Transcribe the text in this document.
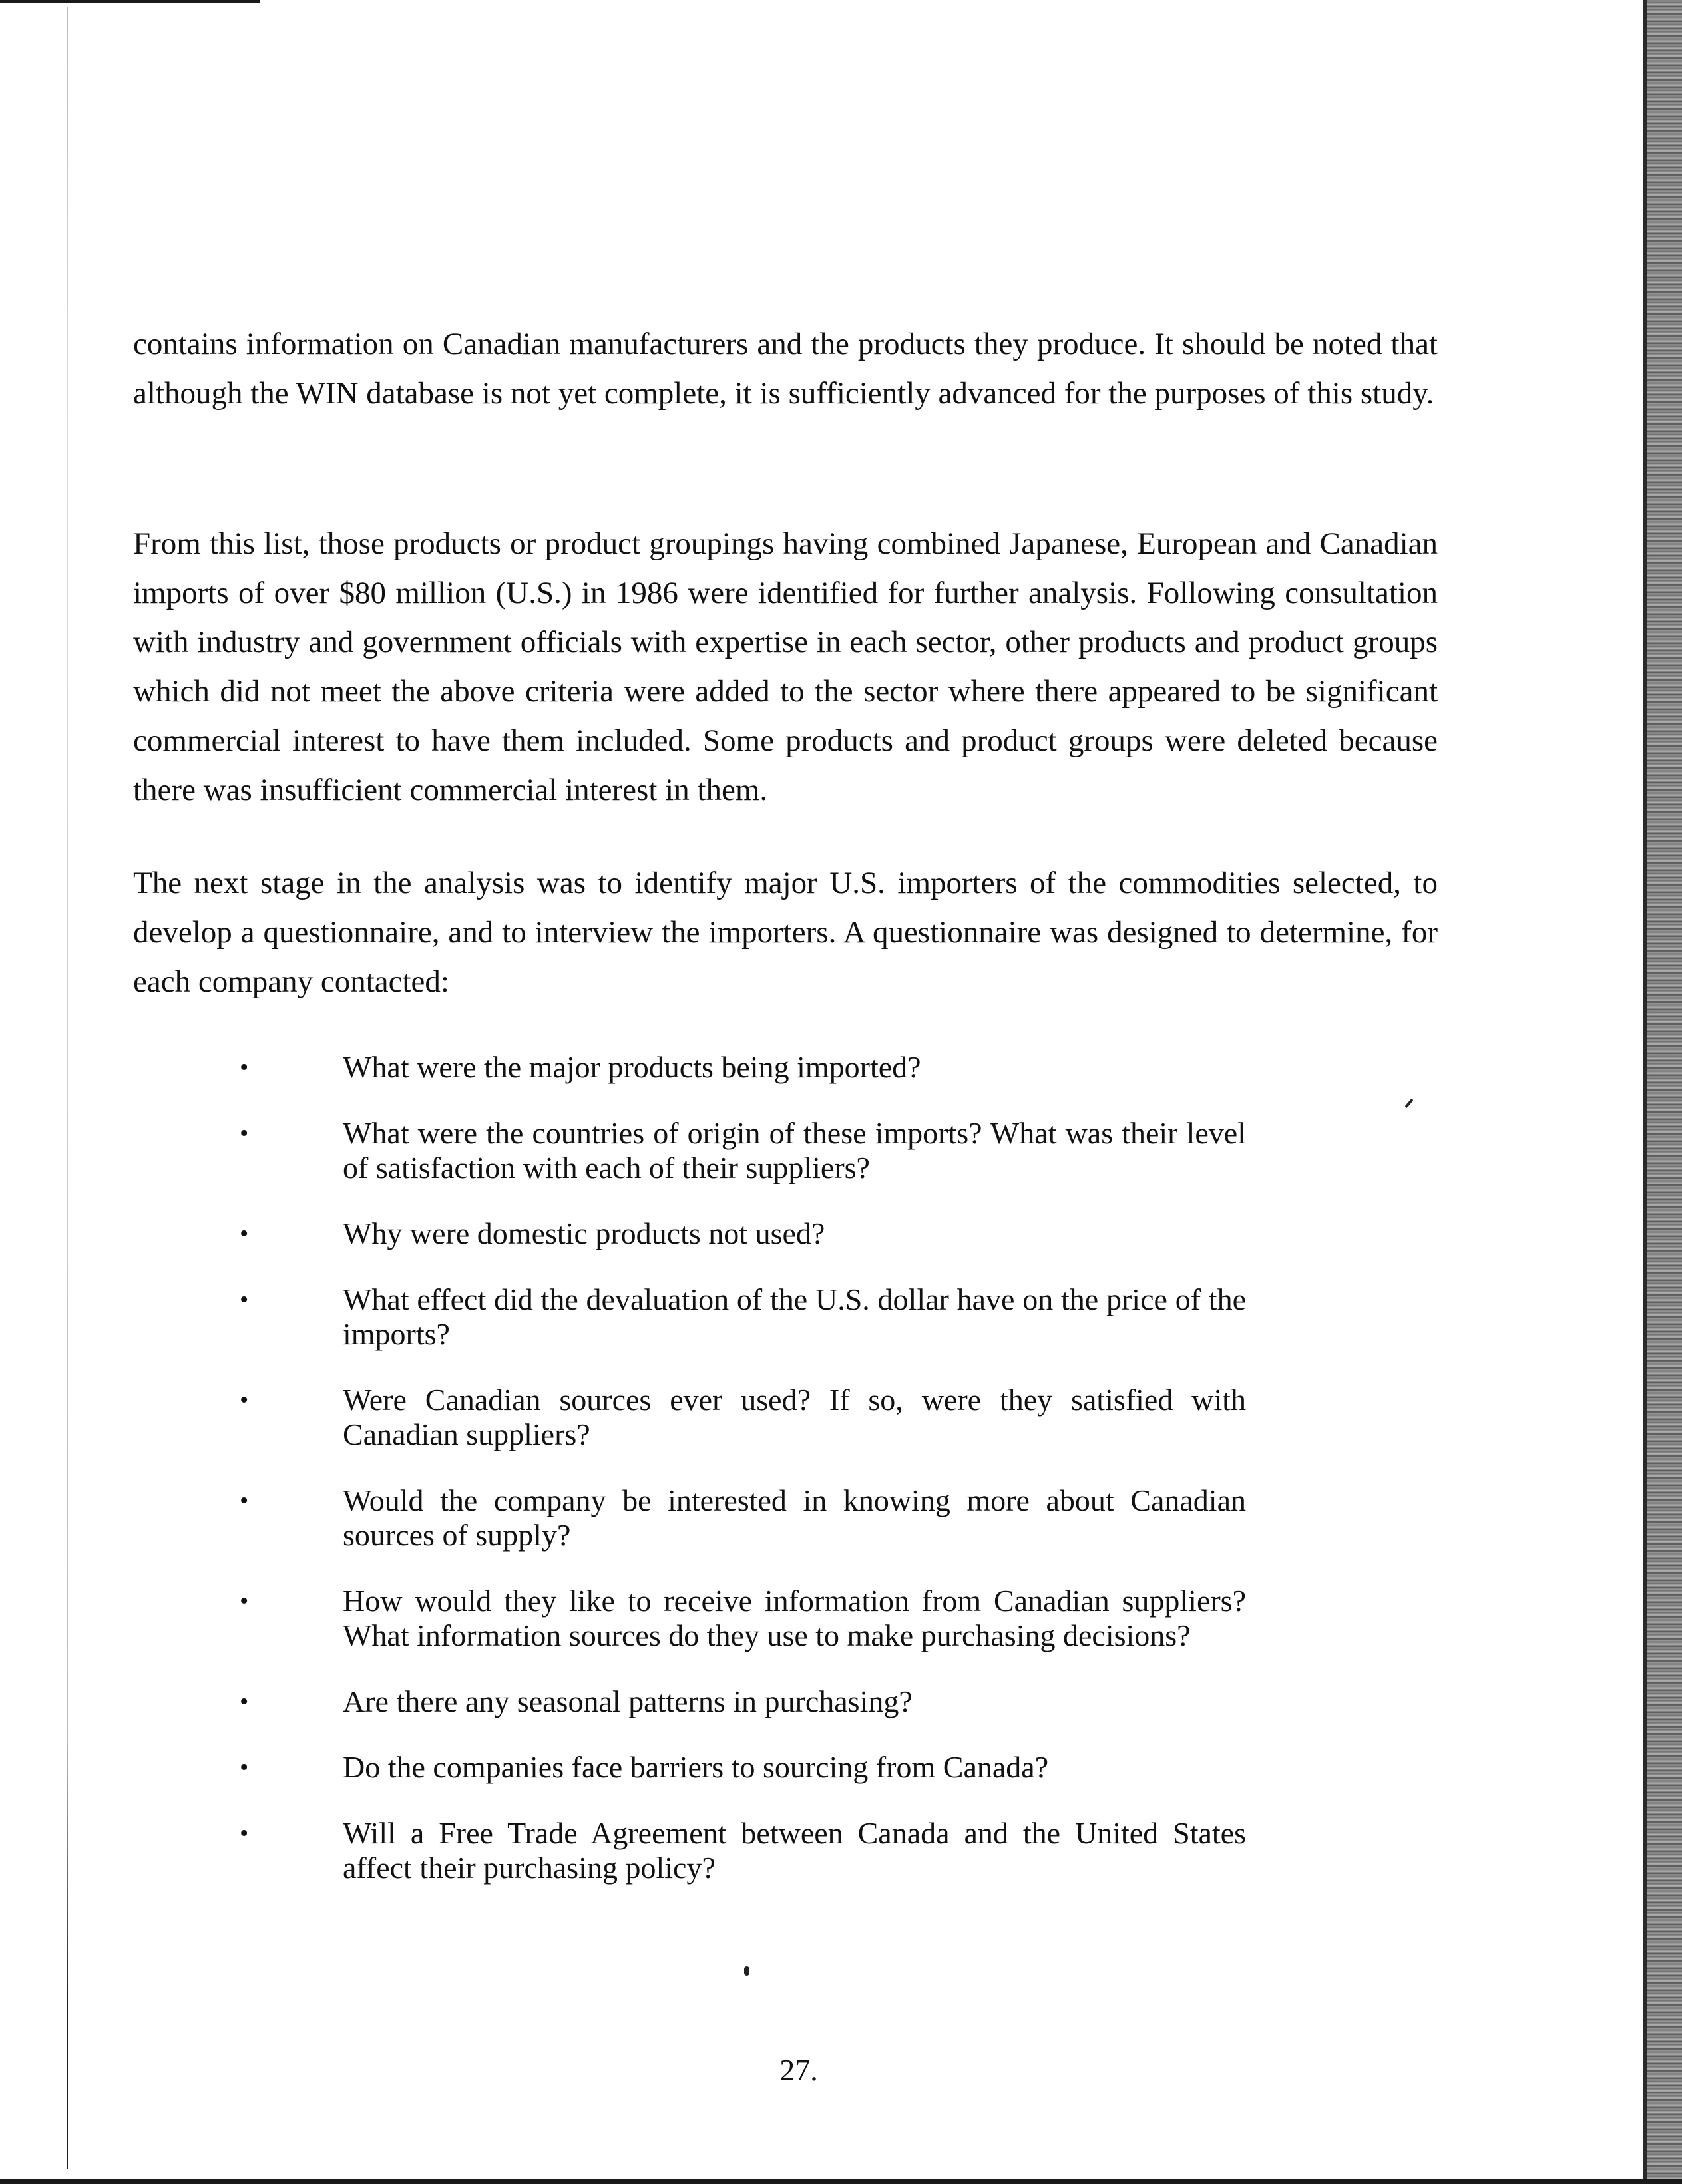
contains information on Canadian manufacturers and the products they produce. It should be noted that although the WIN database is not yet complete, it is sufficiently advanced for the purposes of this study.

From this list, those products or product groupings having combined Japanese, European and Canadian imports of over $80 million (U.S.) in 1986 were identified for further analysis. Following consultation with industry and government officials with expertise in each sector, other products and product groups which did not meet the above criteria were added to the sector where there appeared to be significant commercial interest to have them included. Some products and product groups were deleted because there was insufficient commercial interest in them.

The next stage in the analysis was to identify major U.S. importers of the commodities selected, to develop a questionnaire, and to interview the importers. A questionnaire was designed to determine, for each company contacted:

•	What were the major products being imported?
•	What were the countries of origin of these imports? What was their level of satisfaction with each of their suppliers?
•	Why were domestic products not used?
•	What effect did the devaluation of the U.S. dollar have on the price of the imports?
•	Were Canadian sources ever used? If so, were they satisfied with Canadian suppliers?
•	Would the company be interested in knowing more about Canadian sources of supply?
•	How would they like to receive information from Canadian suppliers? What information sources do they use to make purchasing decisions?
•	Are there any seasonal patterns in purchasing?
•	Do the companies face barriers to sourcing from Canada?
•	Will a Free Trade Agreement between Canada and the United States affect their purchasing policy?

27.
